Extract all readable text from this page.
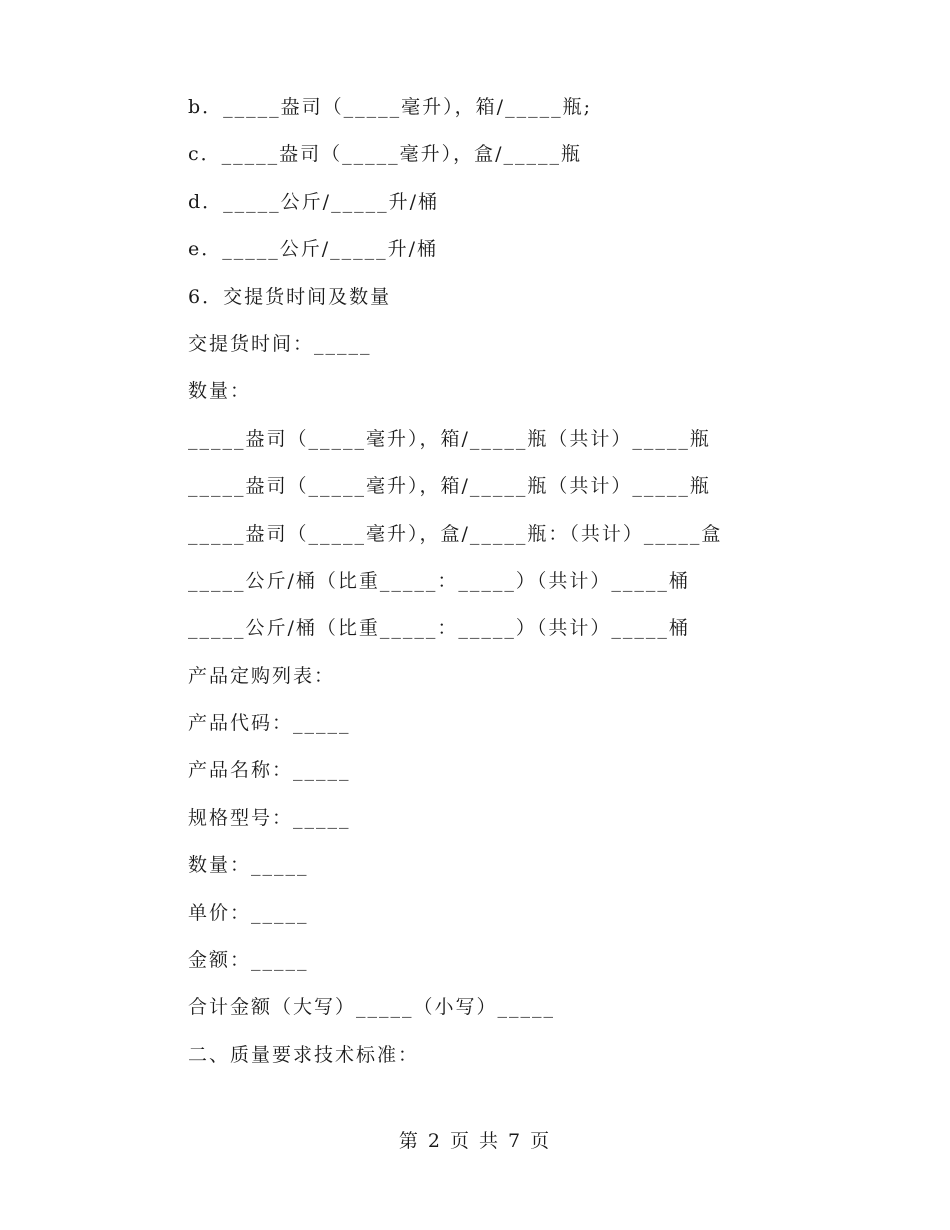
b．_____盎司（_____毫升），箱/_____瓶;
c．_____盎司（_____毫升），盒/_____瓶
d．_____公斤/_____升/桶
e．_____公斤/_____升/桶
6．交提货时间及数量
交提货时间：_____
数量：
_____盎司（_____毫升），箱/_____瓶（共计）_____瓶
_____盎司（_____毫升），箱/_____瓶（共计）_____瓶
_____盎司（_____毫升），盒/_____瓶：（共计）_____盒
_____公斤/桶（比重_____：_____）（共计）_____桶
_____公斤/桶（比重_____：_____）（共计）_____桶
产品定购列表：
产品代码：_____
产品名称：_____
规格型号：_____
数量：_____
单价：_____
金额：_____
合计金额（大写）_____（小写）_____
二、质量要求技术标准：
第 2 页 共 7 页
